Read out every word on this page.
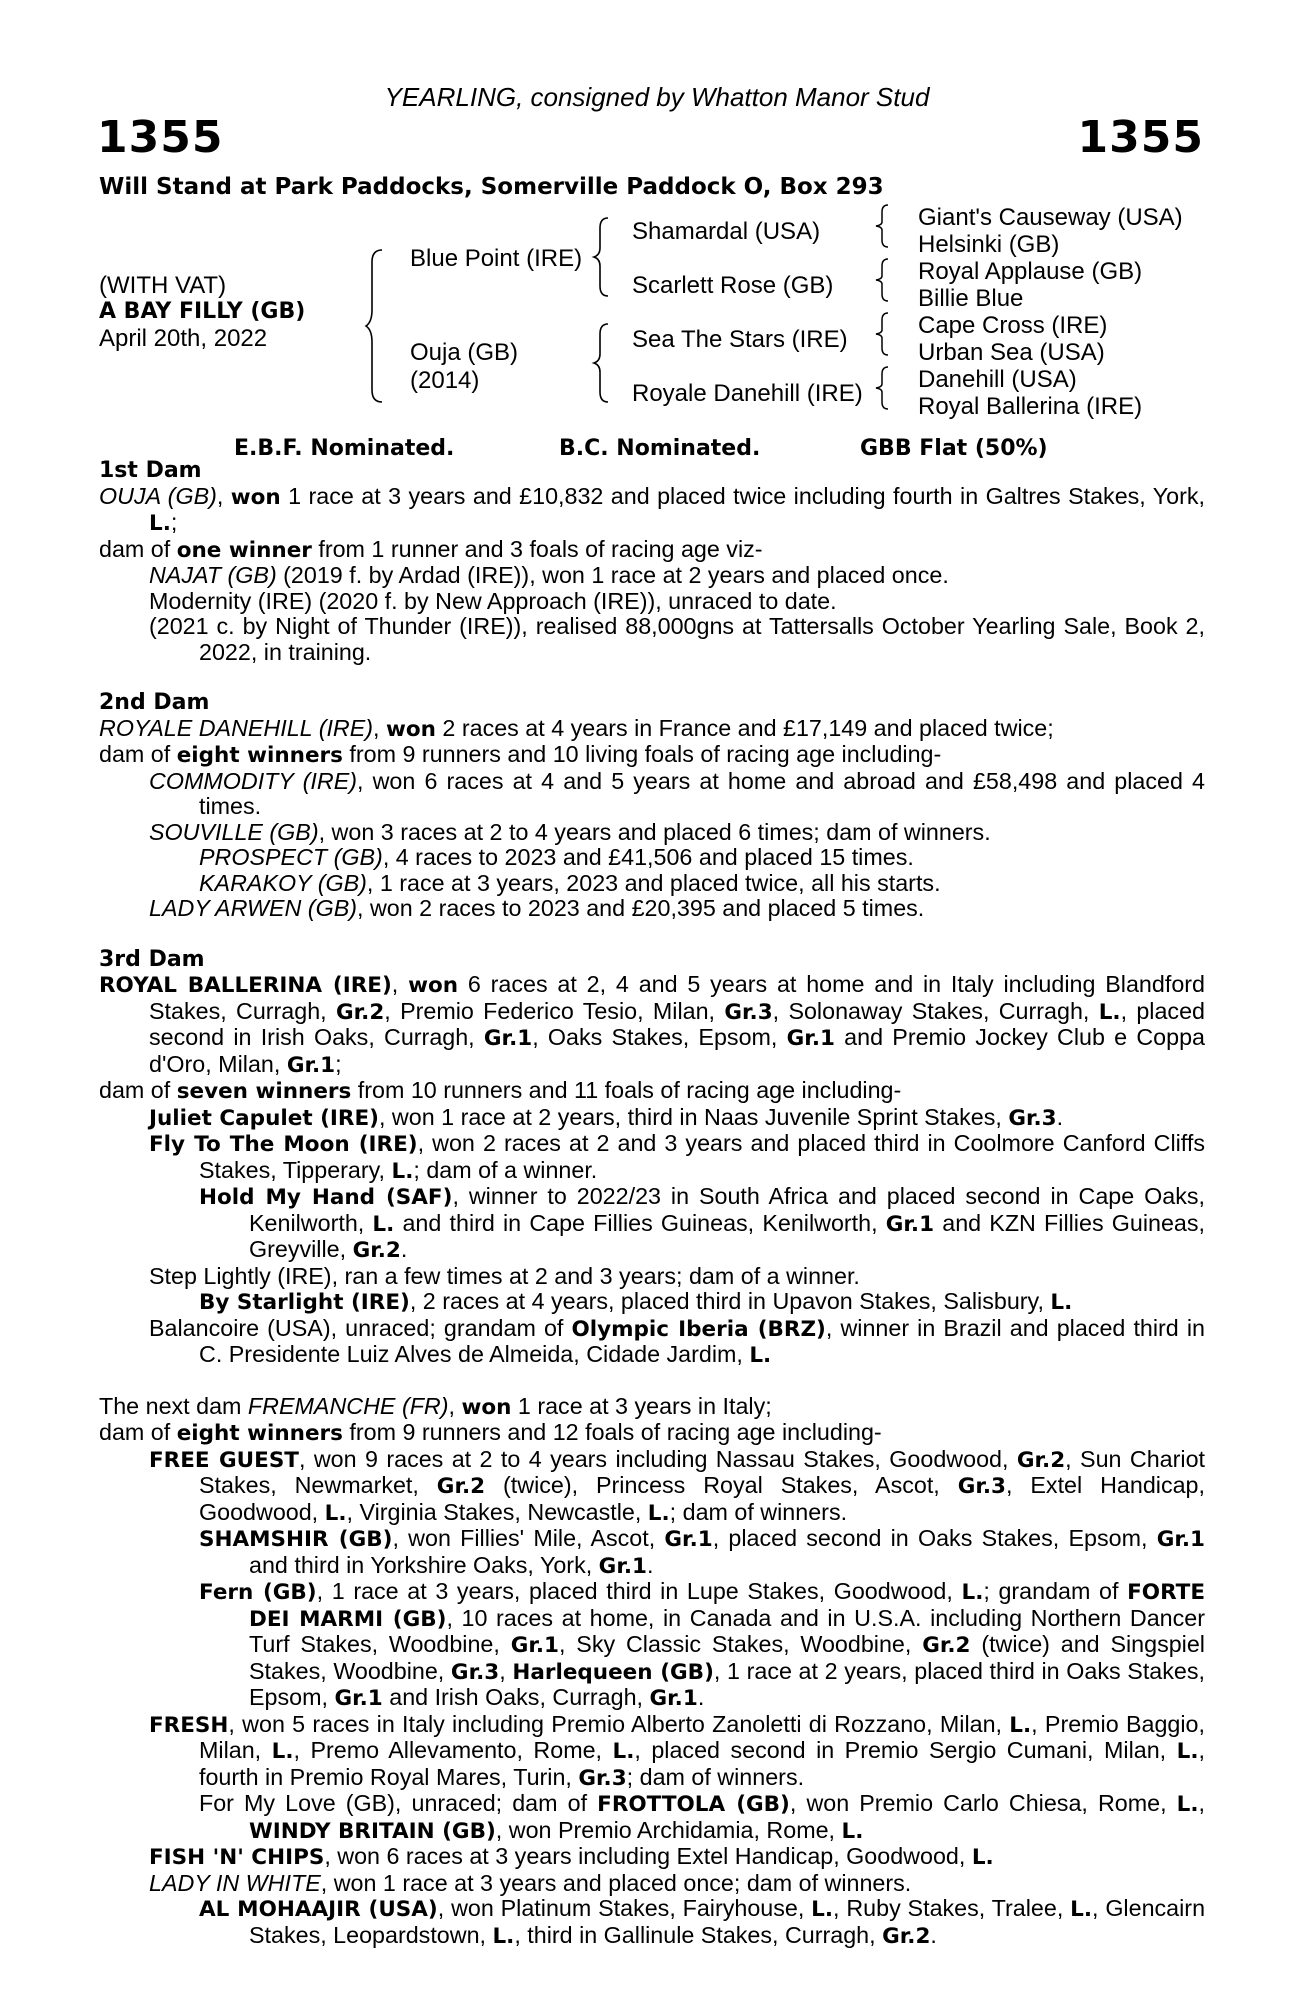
YEARLING, consigned by Whatton Manor Stud
1355	1355
Will Stand at Park Paddocks, Somerville Paddock O, Box 293
(WITH VAT)
A BAY FILLY (GB)
April 20th, 2022
Blue Point (IRE)
Ouja (GB)
(2014)
Shamardal (USA)
Scarlett Rose (GB)
Sea The Stars (IRE)
Royale Danehill (IRE)
Giant's Causeway (USA)
Helsinki (GB)
Royal Applause (GB)
Billie Blue
Cape Cross (IRE)
Urban Sea (USA)
Danehill (USA)
Royal Ballerina (IRE)
E.B.F. Nominated.	B.C. Nominated.	GBB Flat (50%)
1st Dam

OUJA (GB), won 1 race at 3 years and £10,832 and placed twice including fourth in Galtres Stakes, York, L.;

dam of one winner from 1 runner and 3 foals of racing age viz-

NAJAT (GB) (2019 f. by Ardad (IRE)), won 1 race at 2 years and placed once.

Modernity (IRE) (2020 f. by New Approach (IRE)), unraced to date.

(2021 c. by Night of Thunder (IRE)), realised 88,000gns at Tattersalls October Yearling Sale, Book 2, 2022, in training.

2nd Dam

ROYALE DANEHILL (IRE), won 2 races at 4 years in France and £17,149 and placed twice;

dam of eight winners from 9 runners and 10 living foals of racing age including-

COMMODITY (IRE), won 6 races at 4 and 5 years at home and abroad and £58,498 and placed 4 times.

SOUVILLE (GB), won 3 races at 2 to 4 years and placed 6 times; dam of winners.

PROSPECT (GB), 4 races to 2023 and £41,506 and placed 15 times.

KARAKOY (GB), 1 race at 3 years, 2023 and placed twice, all his starts.

LADY ARWEN (GB), won 2 races to 2023 and £20,395 and placed 5 times.

3rd Dam

ROYAL BALLERINA (IRE), won 6 races at 2, 4 and 5 years at home and in Italy including Blandford Stakes, Curragh, Gr.2, Premio Federico Tesio, Milan, Gr.3, Solonaway Stakes, Curragh, L., placed second in Irish Oaks, Curragh, Gr.1, Oaks Stakes, Epsom, Gr.1 and Premio Jockey Club e Coppa d'Oro, Milan, Gr.1;

dam of seven winners from 10 runners and 11 foals of racing age including-

Juliet Capulet (IRE), won 1 race at 2 years, third in Naas Juvenile Sprint Stakes, Gr.3.

Fly To The Moon (IRE), won 2 races at 2 and 3 years and placed third in Coolmore Canford Cliffs Stakes, Tipperary, L.; dam of a winner.

Hold My Hand (SAF), winner to 2022/23 in South Africa and placed second in Cape Oaks, Kenilworth, L. and third in Cape Fillies Guineas, Kenilworth, Gr.1 and KZN Fillies Guineas, Greyville, Gr.2.

Step Lightly (IRE), ran a few times at 2 and 3 years; dam of a winner.

By Starlight (IRE), 2 races at 4 years, placed third in Upavon Stakes, Salisbury, L.

Balancoire (USA), unraced; grandam of Olympic Iberia (BRZ), winner in Brazil and placed third in C. Presidente Luiz Alves de Almeida, Cidade Jardim, L.

The next dam FREMANCHE (FR), won 1 race at 3 years in Italy;

dam of eight winners from 9 runners and 12 foals of racing age including-

FREE GUEST, won 9 races at 2 to 4 years including Nassau Stakes, Goodwood, Gr.2, Sun Chariot Stakes, Newmarket, Gr.2 (twice), Princess Royal Stakes, Ascot, Gr.3, Extel Handicap, Goodwood, L., Virginia Stakes, Newcastle, L.; dam of winners.

SHAMSHIR (GB), won Fillies' Mile, Ascot, Gr.1, placed second in Oaks Stakes, Epsom, Gr.1 and third in Yorkshire Oaks, York, Gr.1.

Fern (GB), 1 race at 3 years, placed third in Lupe Stakes, Goodwood, L.; grandam of FORTE DEI MARMI (GB), 10 races at home, in Canada and in U.S.A. including Northern Dancer Turf Stakes, Woodbine, Gr.1, Sky Classic Stakes, Woodbine, Gr.2 (twice) and Singspiel Stakes, Woodbine, Gr.3, Harlequeen (GB), 1 race at 2 years, placed third in Oaks Stakes, Epsom, Gr.1 and Irish Oaks, Curragh, Gr.1.

FRESH, won 5 races in Italy including Premio Alberto Zanoletti di Rozzano, Milan, L., Premio Baggio, Milan, L., Premo Allevamento, Rome, L., placed second in Premio Sergio Cumani, Milan, L., fourth in Premio Royal Mares, Turin, Gr.3; dam of winners.

For My Love (GB), unraced; dam of FROTTOLA (GB), won Premio Carlo Chiesa, Rome, L., WINDY BRITAIN (GB), won Premio Archidamia, Rome, L.

FISH 'N' CHIPS, won 6 races at 3 years including Extel Handicap, Goodwood, L.

LADY IN WHITE, won 1 race at 3 years and placed once; dam of winners.

AL MOHAAJIR (USA), won Platinum Stakes, Fairyhouse, L., Ruby Stakes, Tralee, L., Glencairn Stakes, Leopardstown, L., third in Gallinule Stakes, Curragh, Gr.2.
